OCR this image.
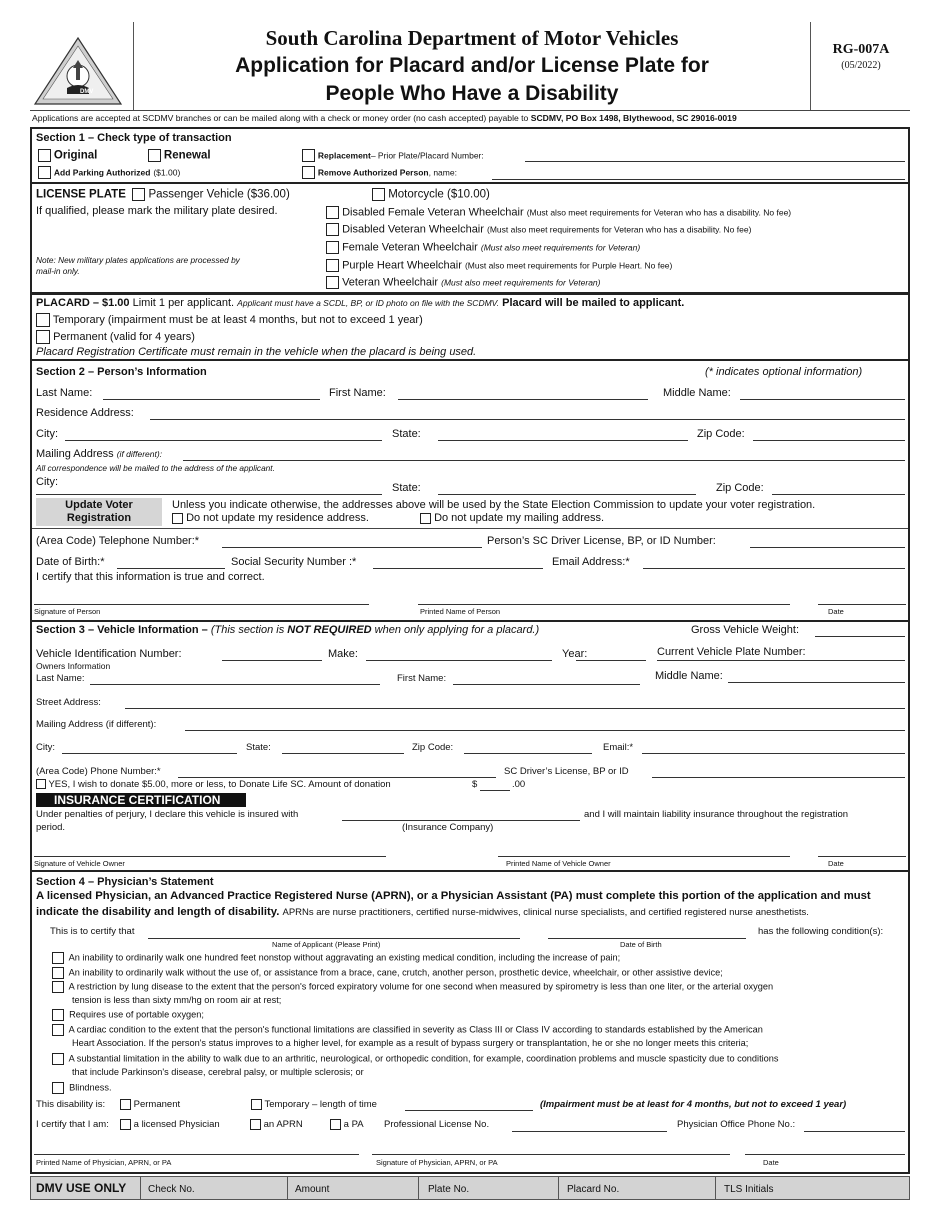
DMV
South Carolina Department of Motor Vehicles
Application for Placard and/or License Plate for
People Who Have a Disability
RG-007A
(05/2022)
Applications are accepted at SCDMV branches or can be mailed along with a check or money order (no cash accepted) payable to SCDMV, PO Box 1498, Blythewood, SC 29016-0019
Section 1 – Check type of transaction
Original	Renewal	Replacement– Prior Plate/Placard Number:
Add Parking Authorized ($1.00)	Remove Authorized Person, name:
LICENSE PLATE Passenger Vehicle ($36.00)	Motorcycle ($10.00)
If qualified, please mark the military plate desired.
Note: New military plates applications are processed by
mail-in only.
Disabled Female Veteran Wheelchair (Must also meet requirements for Veteran who has a disability. No fee)
Disabled Veteran Wheelchair (Must also meet requirements for Veteran who has a disability. No fee)
Female Veteran Wheelchair (Must also meet requirements for Veteran)
Purple Heart Wheelchair (Must also meet requirements for Purple Heart. No fee)
Veteran Wheelchair (Must also meet requirements for Veteran)
PLACARD – $1.00 Limit 1 per applicant. Applicant must have a SCDL, BP, or ID photo on file with the SCDMV. Placard will be mailed to applicant.
Temporary (impairment must be at least 4 months, but not to exceed 1 year)
Permanent (valid for 4 years)
Placard Registration Certificate must remain in the vehicle when the placard is being used.
Section 2 – Person’s Information	(* indicates optional information)
Last Name:	First Name:	Middle Name:
Residence Address:
City:	State:	Zip Code:
Mailing Address (if different):
All correspondence will be mailed to the address of the applicant.
City:	State:	Zip Code:
Update Voter
Registration
Unless you indicate otherwise, the addresses above will be used by the State Election Commission to update your voter registration.
Do not update my residence address.	Do not update my mailing address.
(Area Code) Telephone Number:*	Person’s SC Driver License, BP, or ID Number:
Date of Birth:*	Social Security Number :*	Email Address:*
I certify that this information is true and correct.
Signature of Person	Printed Name of Person	Date
Section 3 – Vehicle Information – (This section is NOT REQUIRED when only applying for a placard.)	Gross Vehicle Weight:
Vehicle Identification Number:	Make:	Year:	Current Vehicle Plate Number:
Owners Information
Last Name:	First Name:	Middle Name:
Street Address:
Mailing Address (if different):
City:	State:	Zip Code:	Email:*
(Area Code) Phone Number:*	SC Driver’s License, BP or ID
YES, I wish to donate $5.00, more or less, to Donate Life SC. Amount of donation	$	.00
INSURANCE CERTIFICATION
Under penalties of perjury, I declare this vehicle is insured with	and I will maintain liability insurance throughout the registration
period.	(Insurance Company)
Signature of Vehicle Owner	Printed Name of Vehicle Owner	Date
Section 4 – Physician’s Statement
A licensed Physician, an Advanced Practice Registered Nurse (APRN), or a Physician Assistant (PA) must complete this portion of the application and must
indicate the disability and length of disability. APRNs are nurse practitioners, certified nurse-midwives, clinical nurse specialists, and certified registered nurse anesthetists.
This is to certify that	has the following condition(s):
Name of Applicant (Please Print)	Date of Birth
An inability to ordinarily walk one hundred feet nonstop without aggravating an existing medical condition, including the increase of pain;
An inability to ordinarily walk without the use of, or assistance from a brace, cane, crutch, another person, prosthetic device, wheelchair, or other assistive device;
A restriction by lung disease to the extent that the person's forced expiratory volume for one second when measured by spirometry is less than one liter, or the arterial oxygen
tension is less than sixty mm/hg on room air at rest;
Requires use of portable oxygen;
A cardiac condition to the extent that the person's functional limitations are classified in severity as Class III or Class IV according to standards established by the American
Heart Association. If the person's status improves to a higher level, for example as a result of bypass surgery or transplantation, he or she no longer meets this criteria;
A substantial limitation in the ability to walk due to an arthritic, neurological, or orthopedic condition, for example, coordination problems and muscle spasticity due to conditions
that include Parkinson's disease, cerebral palsy, or multiple sclerosis; or
Blindness.
This disability is:	Permanent	Temporary – length of time	(Impairment must be at least for 4 months, but not to exceed 1 year)
I certify that I am:	a licensed Physician	an APRN	a PA Professional License No.	Physician Office Phone No.:
Printed Name of Physician, APRN, or PA	Signature of Physician, APRN, or PA	Date
DMV USE ONLY Check No.	Amount	Plate No.	Placard No.	TLS Initials
